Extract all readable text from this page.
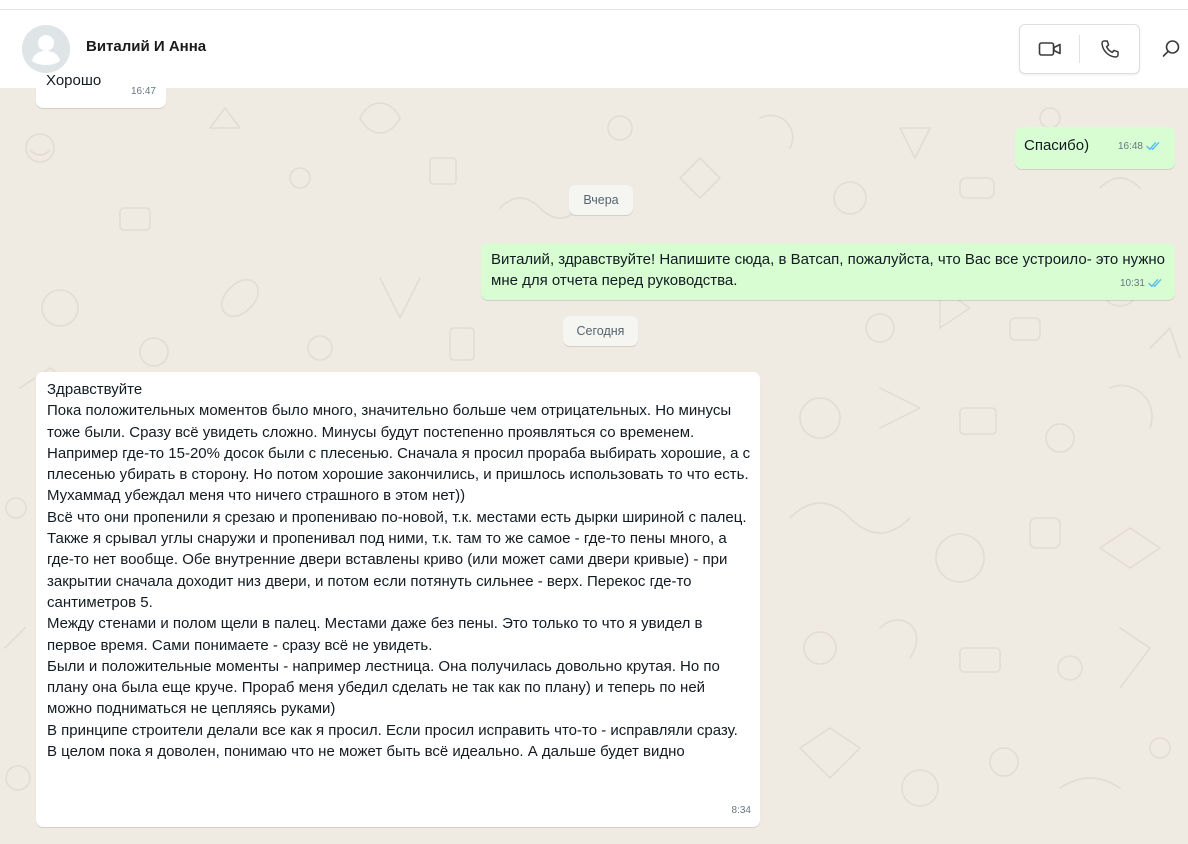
Виталий И Анна
Хорошо
16:47
Спасибо)	16:48
Вчера
Виталий, здравствуйте! Напишите сюда, в Ватсап, пожалуйста, что Вас все устроило- это нужно мне для отчета перед руководства.	10:31
Сегодня
Здравствуйте
Пока положительных моментов было много, значительно больше чем отрицательных. Но минусы тоже были. Сразу всё увидеть сложно. Минусы будут постепенно проявляться со временем. Например где-то 15-20% досок были с плесенью. Сначала я просил прораба выбирать хорошие, а с плесенью убирать в сторону. Но потом хорошие закончились, и пришлось использовать то что есть. Мухаммад убеждал меня что ничего страшного в этом нет))
Всё что они пропенили я срезаю и пропениваю по-новой, т.к. местами есть дырки шириной с палец. Также я срывал углы снаружи и пропенивал под ними, т.к. там то же самое - где-то пены много, а где-то нет вообще. Обе внутренние двери вставлены криво (или может сами двери кривые) - при закрытии сначала доходит низ двери, и потом если потянуть сильнее - верх. Перекос где-то сантиметров 5.
Между стенами и полом щели в палец. Местами даже без пены. Это только то что я увидел в первое время. Сами понимаете - сразу всё не увидеть.
Были и положительные моменты - например лестница. Она получилась довольно крутая. Но по плану она была еще круче. Прораб меня убедил сделать не так как по плану) и теперь по ней можно подниматься не цепляясь руками)
В принципе строители делали все как я просил. Если просил исправить что-то - исправляли сразу.
В целом пока я доволен, понимаю что не может быть всё идеально. А дальше будет видно
8:34
